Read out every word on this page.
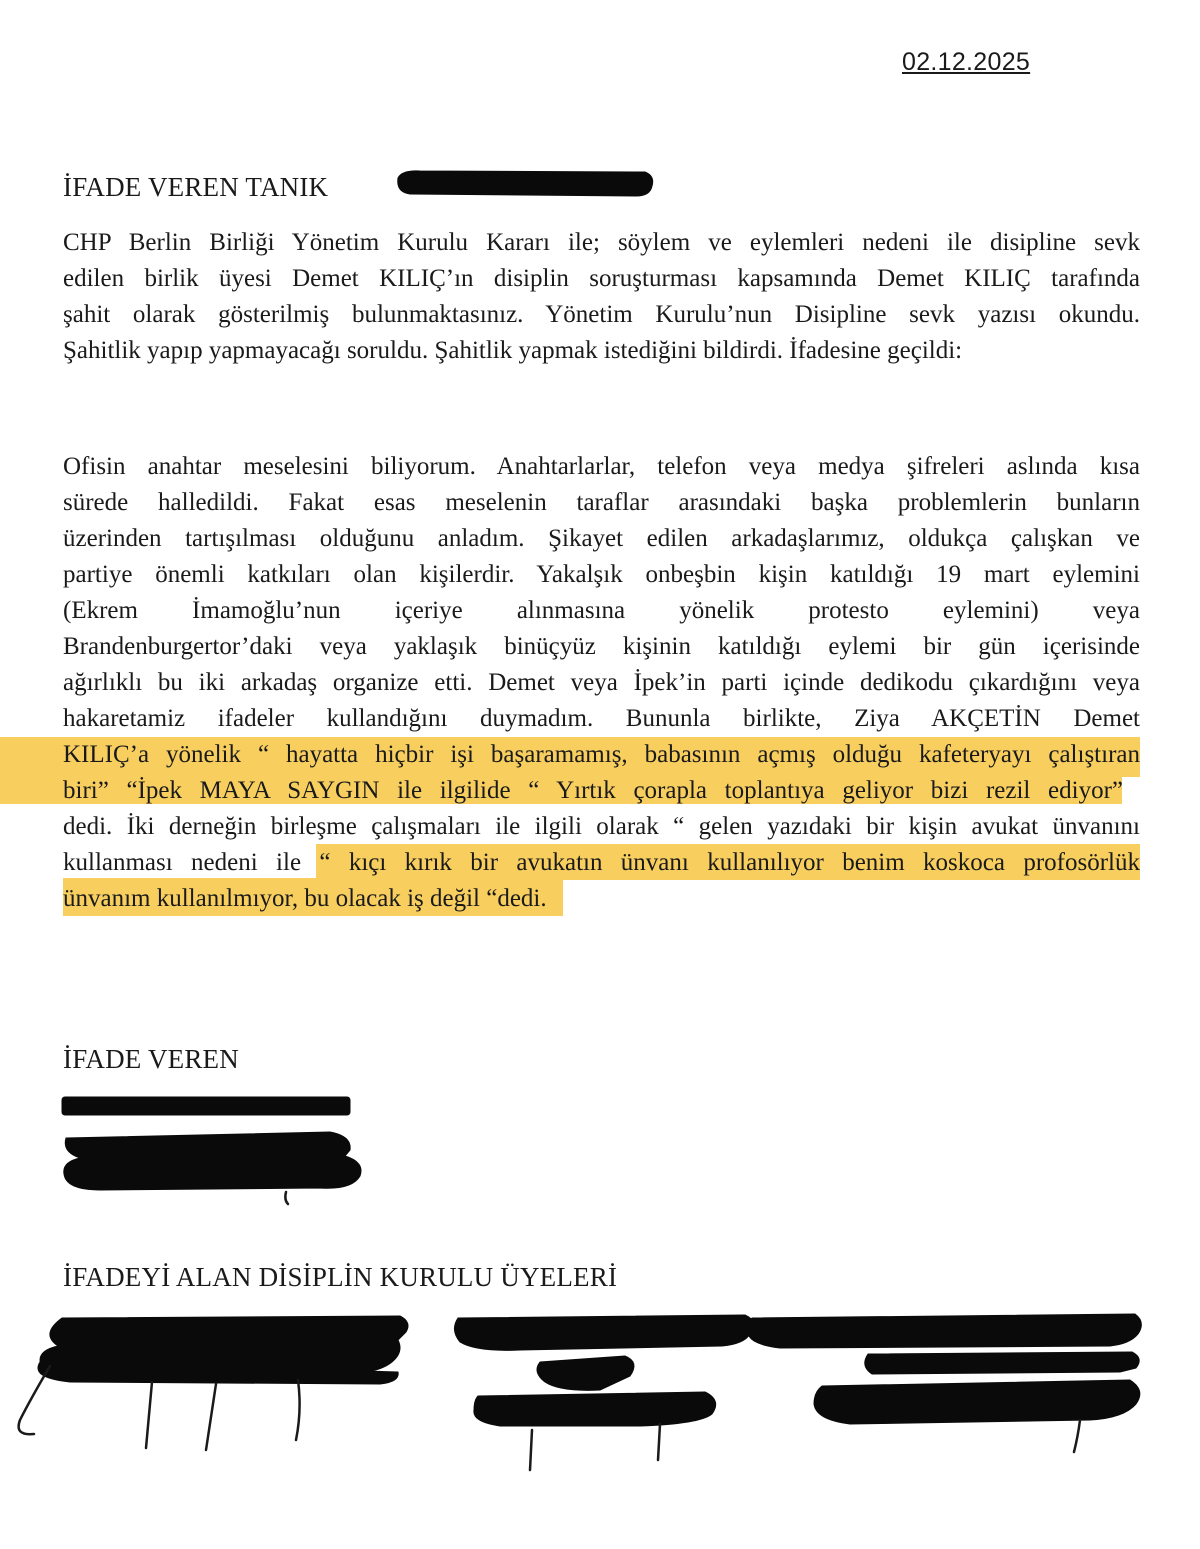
02.12.2025
İFADE VEREN TANIK
CHP Berlin Birliği Yönetim Kurulu Kararı ile; söylem ve eylemleri nedeni ile disipline sevk
edilen birlik üyesi Demet KILIÇ’ın disiplin soruşturması kapsamında Demet KILIÇ tarafında
şahit olarak gösterilmiş bulunmaktasınız. Yönetim Kurulu’nun Disipline sevk yazısı okundu.
Şahitlik yapıp yapmayacağı soruldu. Şahitlik yapmak istediğini bildirdi. İfadesine geçildi:
Ofisin anahtar meselesini biliyorum. Anahtarlarlar, telefon veya medya şifreleri aslında kısa
sürede halledildi. Fakat esas meselenin taraflar arasındaki başka problemlerin bunların
üzerinden tartışılması olduğunu anladım. Şikayet edilen arkadaşlarımız, oldukça çalışkan ve
partiye önemli katkıları olan kişilerdir. Yakalşık onbeşbin kişin katıldığı 19 mart eylemini
(Ekrem İmamoğlu’nun içeriye alınmasına yönelik protesto eylemini) veya
Brandenburgertor’daki veya yaklaşık binüçyüz kişinin katıldığı eylemi bir gün içerisinde
ağırlıklı bu iki arkadaş organize etti. Demet veya İpek’in parti içinde dedikodu çıkardığını veya
hakaretamiz ifadeler kullandığını duymadım. Bununla birlikte, Ziya AKÇETİN Demet
KILIÇ’a yönelik “ hayatta hiçbir işi başaramamış, babasının açmış olduğu kafeteryayı çalıştıran
biri” “İpek MAYA SAYGIN ile ilgilide “ Yırtık çorapla toplantıya geliyor bizi rezil ediyor”
dedi. İki derneğin birleşme çalışmaları ile ilgili olarak “ gelen yazıdaki bir kişin avukat ünvanını
kullanması nedeni ile “ kıçı kırık bir avukatın ünvanı kullanılıyor benim koskoca profosörlük
ünvanım kullanılmıyor, bu olacak iş değil “dedi.
İFADE VEREN
İFADEYİ ALAN DİSİPLİN KURULU ÜYELERİ
